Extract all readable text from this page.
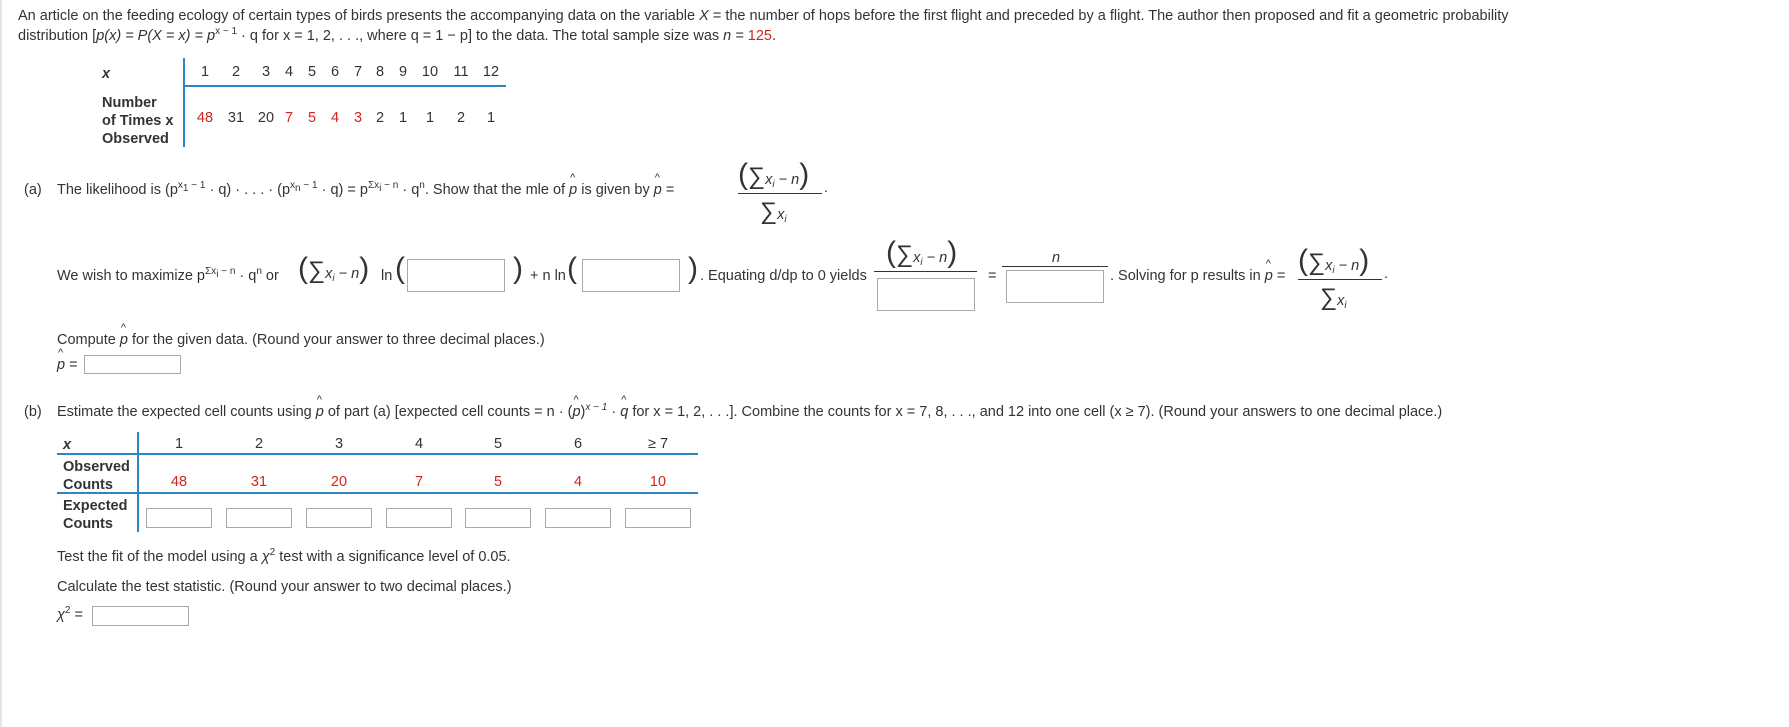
An article on the feeding ecology of certain types of birds presents the accompanying data on the variable X = the number of hops before the first flight and preceded by a flight. The author then proposed and fit a geometric probability
distribution [$p(x) = P(X = x) = p^{x - 1} \cdot q$ for x = 1, 2, . . ., where q = 1 − p] to the data. The total sample size was n = 125.
x
Number
of Times x
Observed
1	2	3	4	5	6	7 8	9	10 11 12
48 31 20 7	5	4	3 2	1	1	2	1
(a) The likelihood is $(p^{x_1 - 1} \cdot q)$ · . . . · $(p^{x_n - 1} \cdot q) = p^{\Sigma x_i - n} \cdot q^n$. Show that the mle of ^ p is given by ^ $p = (\sum x_i - n)$
$\sum x_i$
.
We wish to maximize $p^{\Sigma x_i - n} \cdot q^n$ or $(\sum x_i - n)$ ln (	) + n ln (	) . Equating d/dp to 0 yields
$(\sum x_i - n)$
=
n
. Solving for p results in ^ $p = (\sum x_i - n)$
$\sum x_i$
.
Compute ^ p for the given data. (Round your answer to three decimal places.)
^ p =
(b) Estimate the expected cell counts using ^ p of part (a) [expected cell counts = n · (^ p)$^{x - 1}$ · ^ q for x = 1, 2, . . .]. Combine the counts for x = 7, 8, . . ., and 12 into one cell (x ≥ 7). (Round your answers to one decimal place.)
x
Observed
Counts
Expected
Counts
1	2	3	4	5	6	≥ 7
48	31	20	7	5	4	10
Test the fit of the model using a $\chi^2$ test with a significance level of 0.05.
Calculate the test statistic. (Round your answer to two decimal places.)
$\chi^2$ =
